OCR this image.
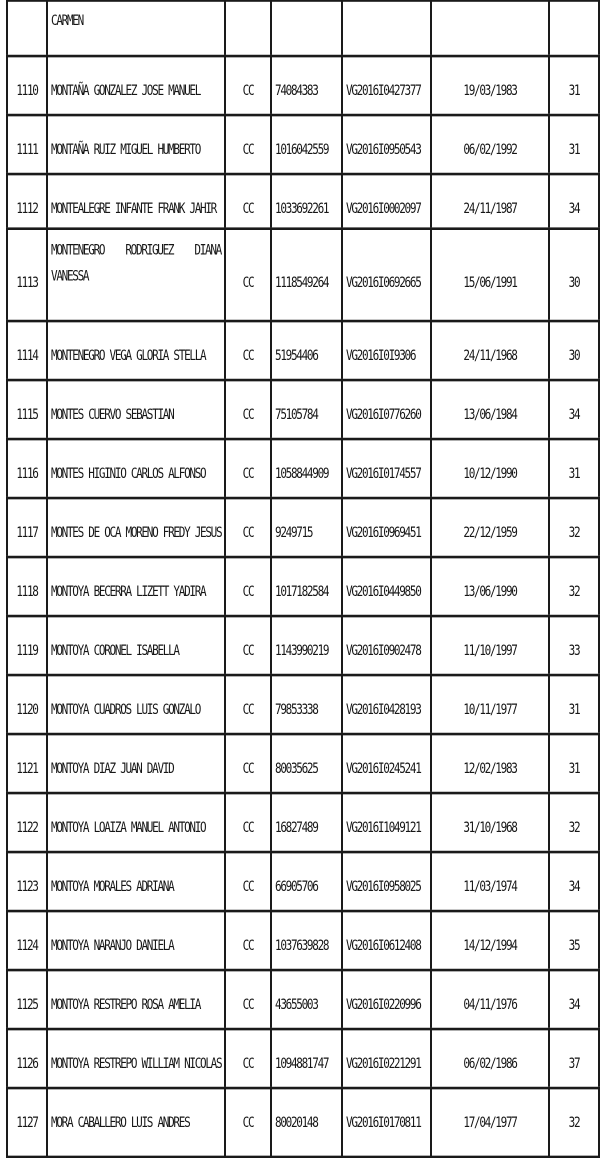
	CARMEN					
1110	MONTAÑA GONZALEZ JOSE MANUEL	CC	74084383	VG2016I0427377	19/03/1983	31
1111	MONTAÑA RUIZ MIGUEL HUMBERTO	CC	1016042559	VG2016I0950543	06/02/1992	31
1112	MONTEALEGRE INFANTE FRANK JAHIR	CC	1033692261	VG2016I0002097	24/11/1987	34
1113	MONTENEGRO RODRIGUEZ DIANA VANESSA	CC	1118549264	VG2016I0692665	15/06/1991	30
1114	MONTENEGRO VEGA GLORIA STELLA	CC	51954406	VG2016I0I9306	24/11/1968	30
1115	MONTES CUERVO SEBASTIAN	CC	75105784	VG2016I0776260	13/06/1984	34
1116	MONTES HIGINIO CARLOS ALFONSO	CC	1058844909	VG2016I0174557	10/12/1990	31
1117	MONTES DE OCA MORENO FREDY JESUS	CC	9249715	VG2016I0969451	22/12/1959	32
1118	MONTOYA BECERRA LIZETT YADIRA	CC	1017182584	VG2016I0449850	13/06/1990	32
1119	MONTOYA CORONEL ISABELLA	CC	1143990219	VG2016I0902478	11/10/1997	33
1120	MONTOYA CUADROS LUIS GONZALO	CC	79853338	VG2016I0428193	10/11/1977	31
1121	MONTOYA DIAZ JUAN DAVID	CC	80035625	VG2016I0245241	12/02/1983	31
1122	MONTOYA LOAIZA MANUEL ANTONIO	CC	16827489	VG2016I1049121	31/10/1968	32
1123	MONTOYA MORALES ADRIANA	CC	66905706	VG2016I0958025	11/03/1974	34
1124	MONTOYA NARANJO DANIELA	CC	1037639828	VG2016I0612408	14/12/1994	35
1125	MONTOYA RESTREPO ROSA AMELIA	CC	43655003	VG2016I0220996	04/11/1976	34
1126	MONTOYA RESTREPO WILLIAM NICOLAS	CC	1094881747	VG2016I0221291	06/02/1986	37
1127	MORA CABALLERO LUIS ANDRES	CC	80020148	VG2016I0170811	17/04/1977	32
